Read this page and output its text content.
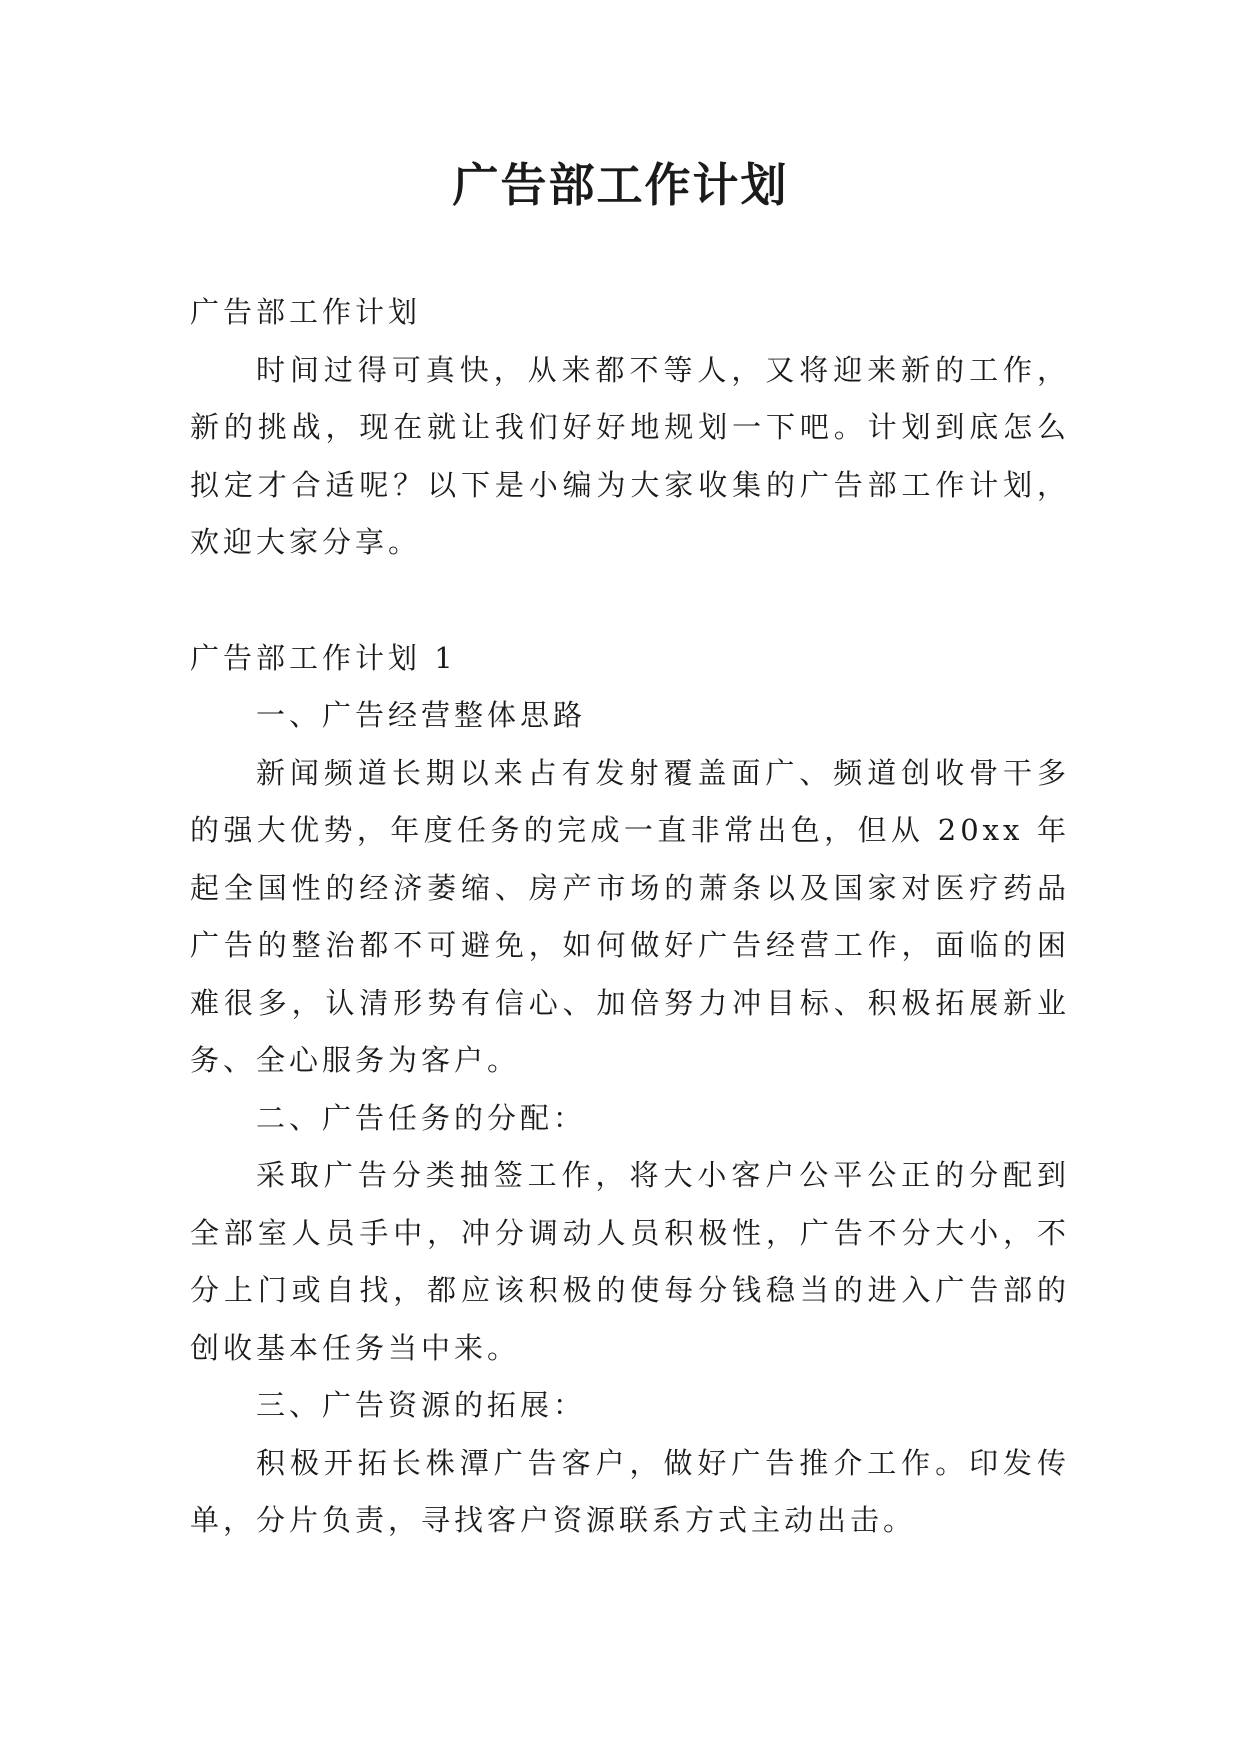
广告部工作计划

广告部工作计划

时间过得可真快，从来都不等人，又将迎来新的工作，新的挑战，现在就让我们好好地规划一下吧。计划到底怎么拟定才合适呢？以下是小编为大家收集的广告部工作计划，欢迎大家分享。

广告部工作计划 1

一、广告经营整体思路

新闻频道长期以来占有发射覆盖面广、频道创收骨干多的强大优势，年度任务的完成一直非常出色，但从 20xx 年起全国性的经济萎缩、房产市场的萧条以及国家对医疗药品广告的整治都不可避免，如何做好广告经营工作，面临的困难很多，认清形势有信心、加倍努力冲目标、积极拓展新业务、全心服务为客户。

二、广告任务的分配：

采取广告分类抽签工作，将大小客户公平公正的分配到全部室人员手中，冲分调动人员积极性，广告不分大小，不分上门或自找，都应该积极的使每分钱稳当的进入广告部的创收基本任务当中来。

三、广告资源的拓展：

积极开拓长株潭广告客户，做好广告推介工作。印发传单，分片负责，寻找客户资源联系方式主动出击。
